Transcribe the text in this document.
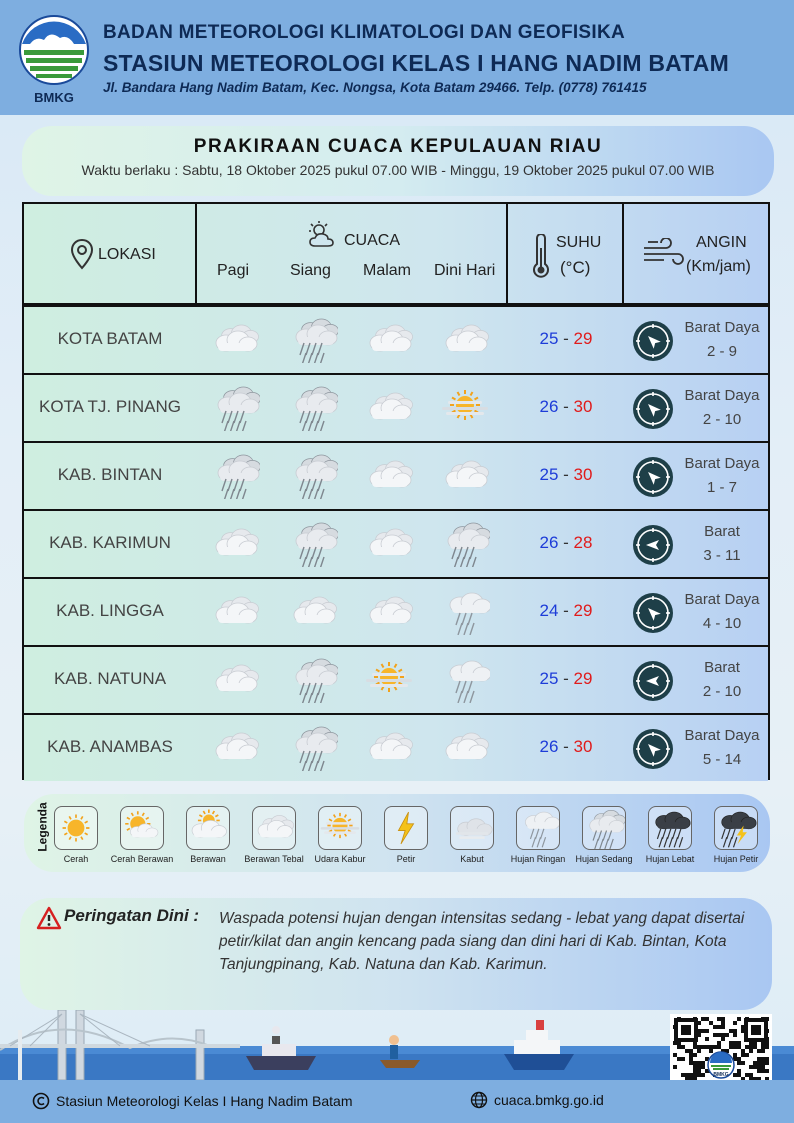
BMKG
BADAN METEOROLOGI KLIMATOLOGI DAN GEOFISIKA
STASIUN METEOROLOGI KELAS I HANG NADIM BATAM
Jl. Bandara Hang Nadim Batam, Kec. Nongsa, Kota Batam 29466. Telp. (0778) 761415
PRAKIRAAN CUACA KEPULAUAN RIAU
Waktu berlaku : Sabtu, 18 Oktober 2025 pukul 07.00 WIB - Minggu, 19 Oktober 2025 pukul 07.00 WIB
LOKASI
CUACA
Pagi	Siang Malam Dini Hari
SUHU
(°C)
ANGIN
(Km/jam)
KOTA BATAM	25 - 29
Barat Daya
2 - 9
KOTA TJ. PINANG	26 - 30
Barat Daya
2 - 10
KAB. BINTAN	25 - 30
Barat Daya
1 - 7
KAB. KARIMUN	26 - 28
Barat
3 - 11
KAB. LINGGA	24 - 29
Barat Daya
4 - 10
KAB. NATUNA	25 - 29
Barat
2 - 10
KAB. ANAMBAS	26 - 30
Barat Daya
5 - 14
Legenda
Cerah	Cerah Berawan	Berawan	Berawan Tebal	Udara Kabur	Petir	Kabut	Hujan Ringan	Hujan Sedang	Hujan Lebat	Hujan Petir
Peringatan Dini : Waspada potensi hujan dengan intensitas sedang - lebat yang dapat disertai petir/kilat dan angin kencang pada siang dan dini hari di Kab. Bintan, Kota Tanjungpinang, Kab. Natuna dan Kab. Karimun.
BMKG
Stasiun Meteorologi Kelas I Hang Nadim Batam	cuaca.bmkg.go.id
